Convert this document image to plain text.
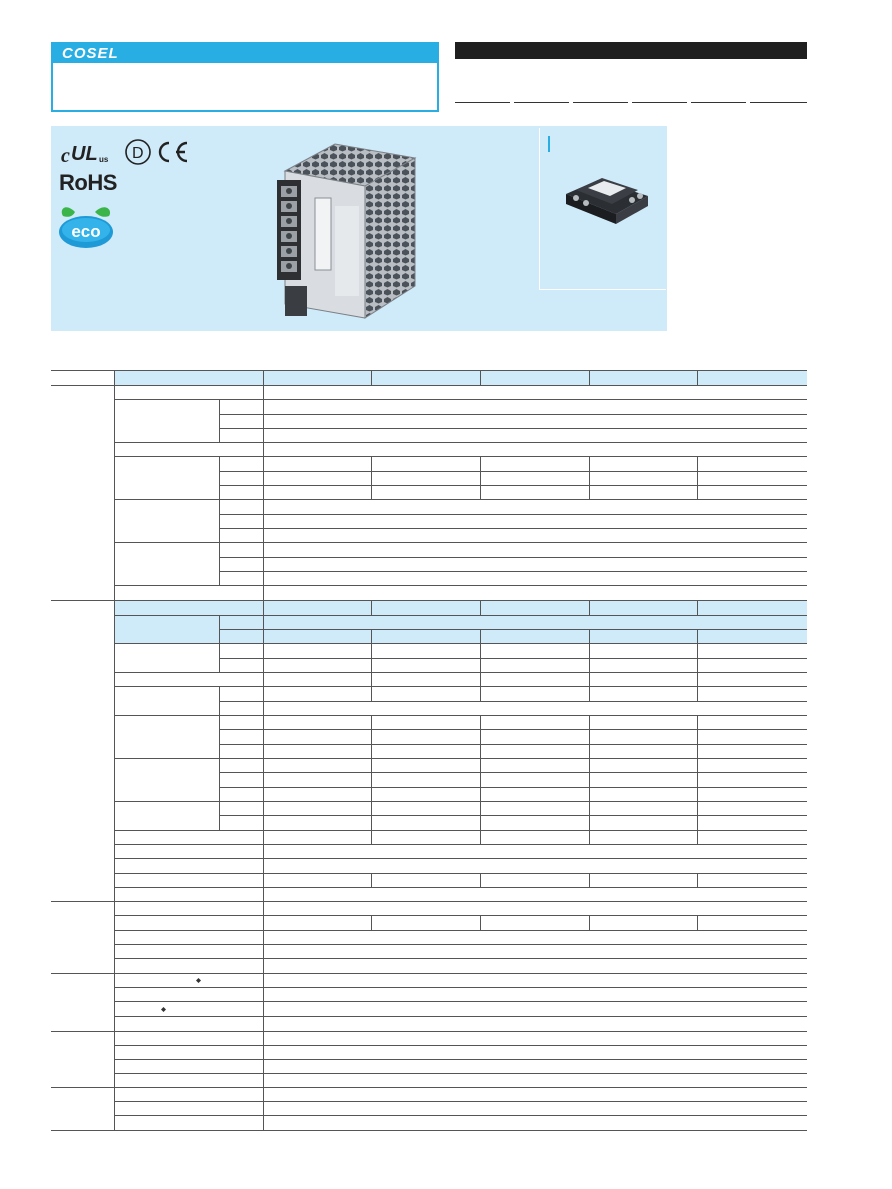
COSEL
c UL us D
RoHS
eco
